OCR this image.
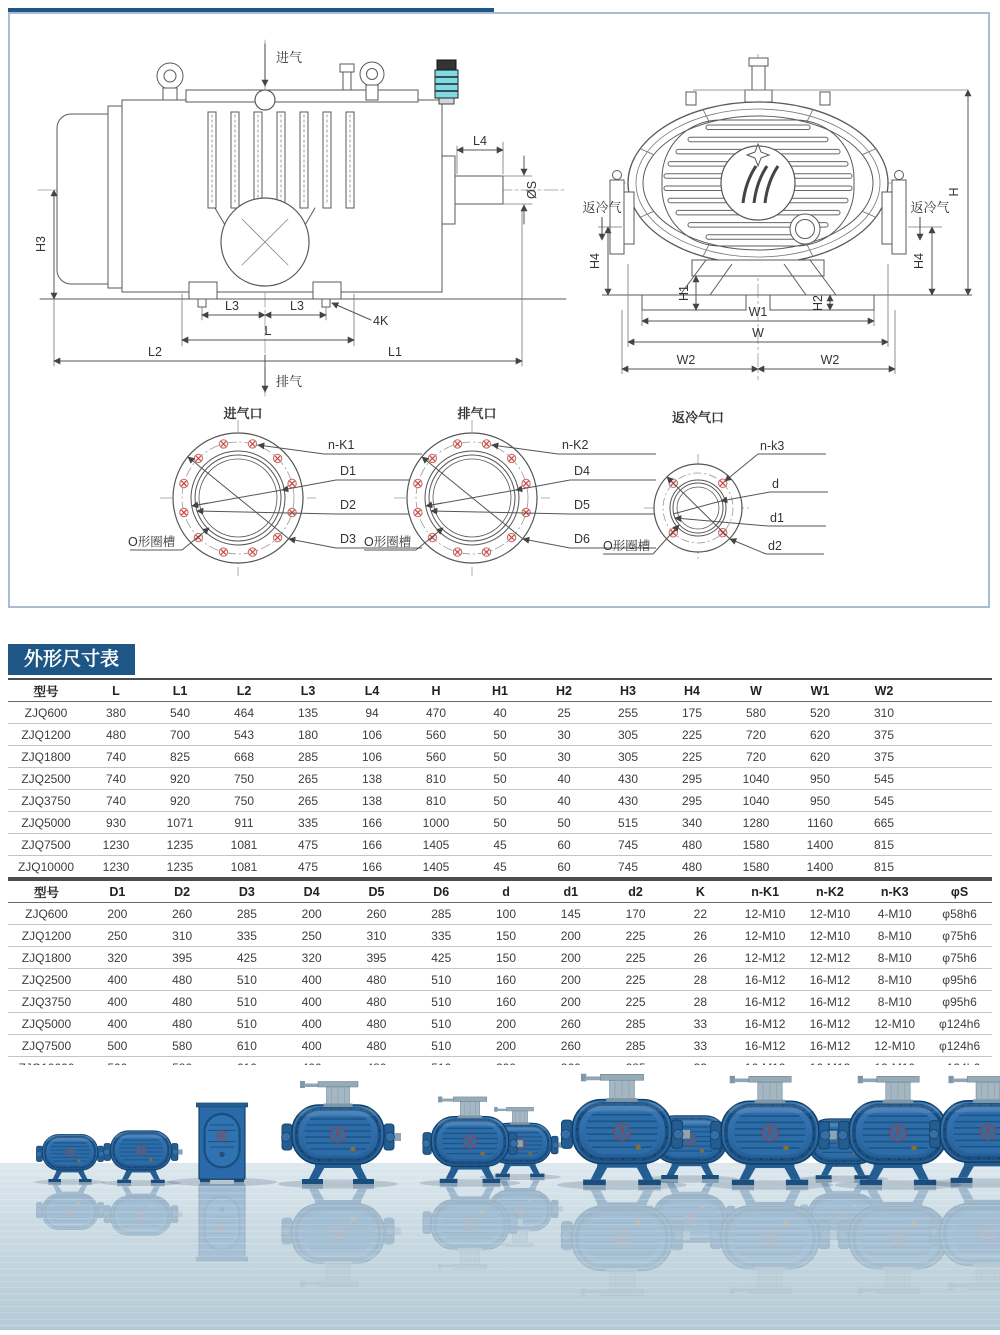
进气
排气
H3
L3	L3
L
4K
L2	L1
L4
ØS	H
H4	H4
返冷气	返冷气
H1
H2
W1
W
W2	W2
进气口
n-K1
D1
D2
D3
O形圈槽
排气口
n-K2
D4
D5
D6
O形圈槽
返冷气口
n-k3
d
d1
d2
O形圈槽
外形尺寸表
型号	L	L1	L2	L3	L4	H	H1	H2	H3	H4	W	W1	W2	
ZJQ600	380	540	464	135	94	470	40	25	255	175	580	520	310	
ZJQ1200	480	700	543	180	106	560	50	30	305	225	720	620	375	
ZJQ1800	740	825	668	285	106	560	50	30	305	225	720	620	375	
ZJQ2500	740	920	750	265	138	810	50	40	430	295	1040	950	545	
ZJQ3750	740	920	750	265	138	810	50	40	430	295	1040	950	545	
ZJQ5000	930	1071	911	335	166	1000	50	50	515	340	1280	1160	665	
ZJQ7500	1230	1235	1081	475	166	1405	45	60	745	480	1580	1400	815	
ZJQ10000	1230	1235	1081	475	166	1405	45	60	745	480	1580	1400	815	
型号	D1	D2	D3	D4	D5	D6	d	d1	d2	K	n-K1	n-K2	n-K3	φS
ZJQ600	200	260	285	200	260	285	100	145	170	22	12-M10	12-M10	4-M10	φ58h6
ZJQ1200	250	310	335	250	310	335	150	200	225	26	12-M10	12-M10	8-M10	φ75h6
ZJQ1800	320	395	425	320	395	425	150	200	225	26	12-M12	12-M12	8-M10	φ75h6
ZJQ2500	400	480	510	400	480	510	160	200	225	28	16-M12	16-M12	8-M10	φ95h6
ZJQ3750	400	480	510	400	480	510	160	200	225	28	16-M12	16-M12	8-M10	φ95h6
ZJQ5000	400	480	510	400	480	510	200	260	285	33	16-M12	16-M12	12-M10	φ124h6
ZJQ7500	500	580	610	400	480	510	200	260	285	33	16-M12	16-M12	12-M10	φ124h6
